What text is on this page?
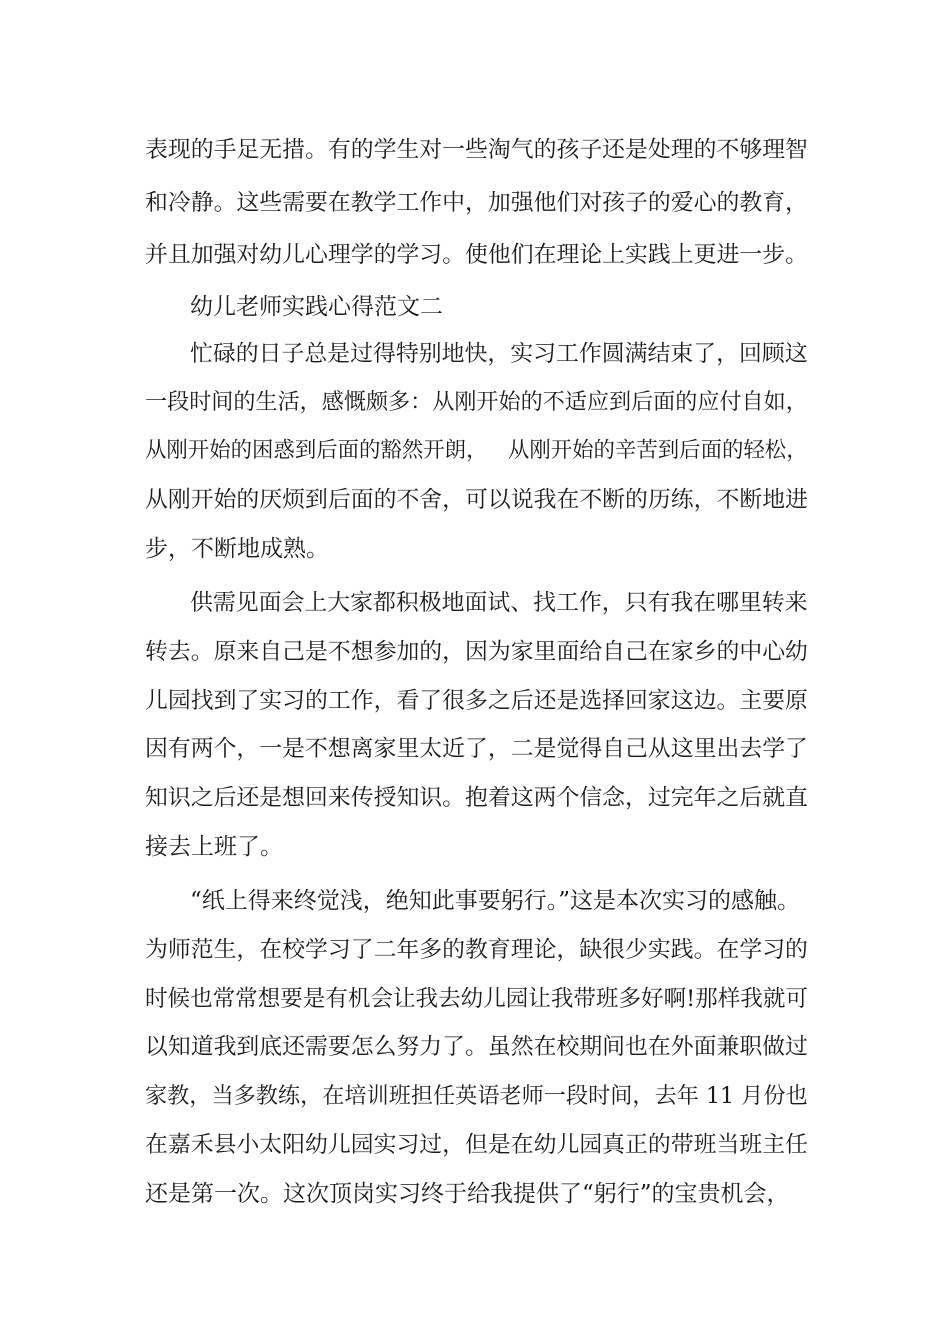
表现的手足无措。有的学生对一些淘气的孩子还是处理的不够理智
和冷静。这些需要在教学工作中，加强他们对孩子的爱心的教育，
并且加强对幼儿心理学的学习。使他们在理论上实践上更进一步。
幼儿老师实践心得范文二
忙碌的日子总是过得特别地快，实习工作圆满结束了，回顾这
一段时间的生活，感慨颇多：从刚开始的不适应到后面的应付自如，
从刚开始的困惑到后面的豁然开朗，   从刚开始的辛苦到后面的轻松，
从刚开始的厌烦到后面的不舍，可以说我在不断的历练，不断地进
步，不断地成熟。
供需见面会上大家都积极地面试、找工作，只有我在哪里转来
转去。原来自己是不想参加的，因为家里面给自己在家乡的中心幼
儿园找到了实习的工作，看了很多之后还是选择回家这边。主要原
因有两个，一是不想离家里太近了，二是觉得自己从这里出去学了
知识之后还是想回来传授知识。抱着这两个信念，过完年之后就直
接去上班了。
“纸上得来终觉浅，绝知此事要躬行。”这是本次实习的感触。
为师范生，在校学习了二年多的教育理论，缺很少实践。在学习的
时候也常常想要是有机会让我去幼儿园让我带班多好啊!那样我就可
以知道我到底还需要怎么努力了。虽然在校期间也在外面兼职做过
家教，当多教练，在培训班担任英语老师一段时间，去年 11 月份也
在嘉禾县小太阳幼儿园实习过，但是在幼儿园真正的带班当班主任
还是第一次。这次顶岗实习终于给我提供了“躬行”的宝贵机会，
